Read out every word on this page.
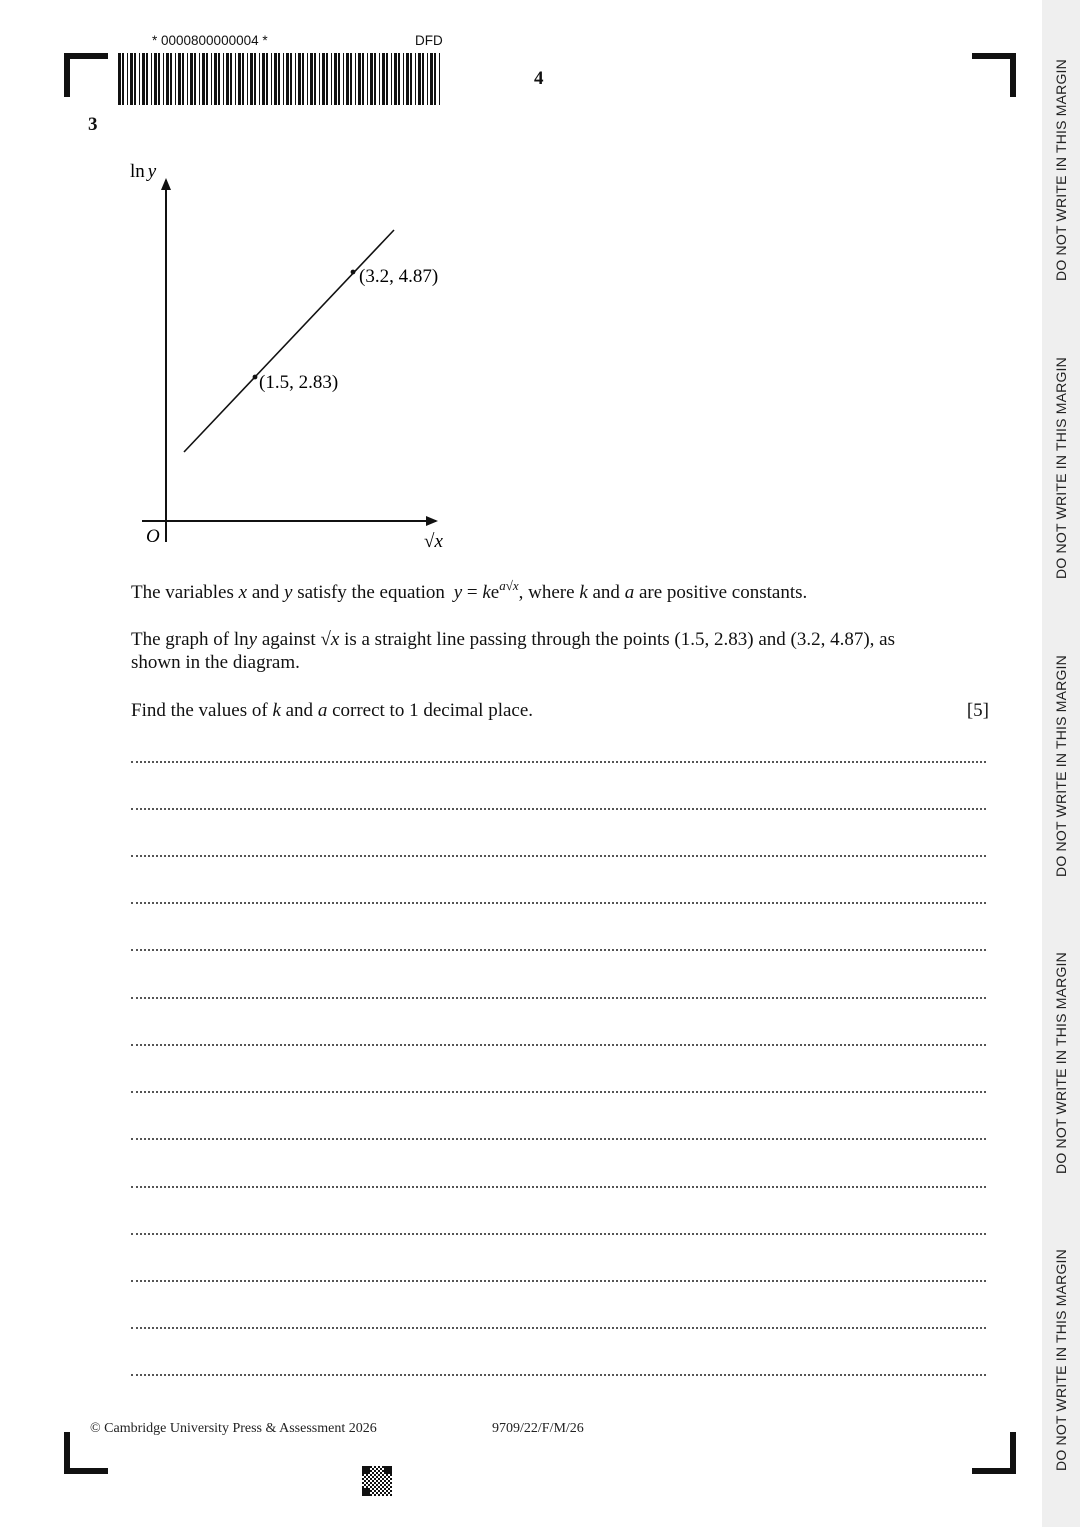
DO NOT WRITE IN THIS MARGIN
DO NOT WRITE IN THIS MARGIN
DO NOT WRITE IN THIS MARGIN
DO NOT WRITE IN THIS MARGIN
DO NOT WRITE IN THIS MARGIN
* 0000800000004 *	DFD
4
3
ln y
√x
O
(1.5, 2.83)
(3.2, 4.87)
The variables x and y satisfy the equation $y = ke^{a√x}$, where k and a are positive constants.
The graph of lny against √x is a straight line passing through the points (1.5, 2.83) and (3.2, 4.87), as
shown in the diagram.
Find the values of k and a correct to 1 decimal place.	[5]
© Cambridge University Press & Assessment 2026	9709/22/F/M/26
